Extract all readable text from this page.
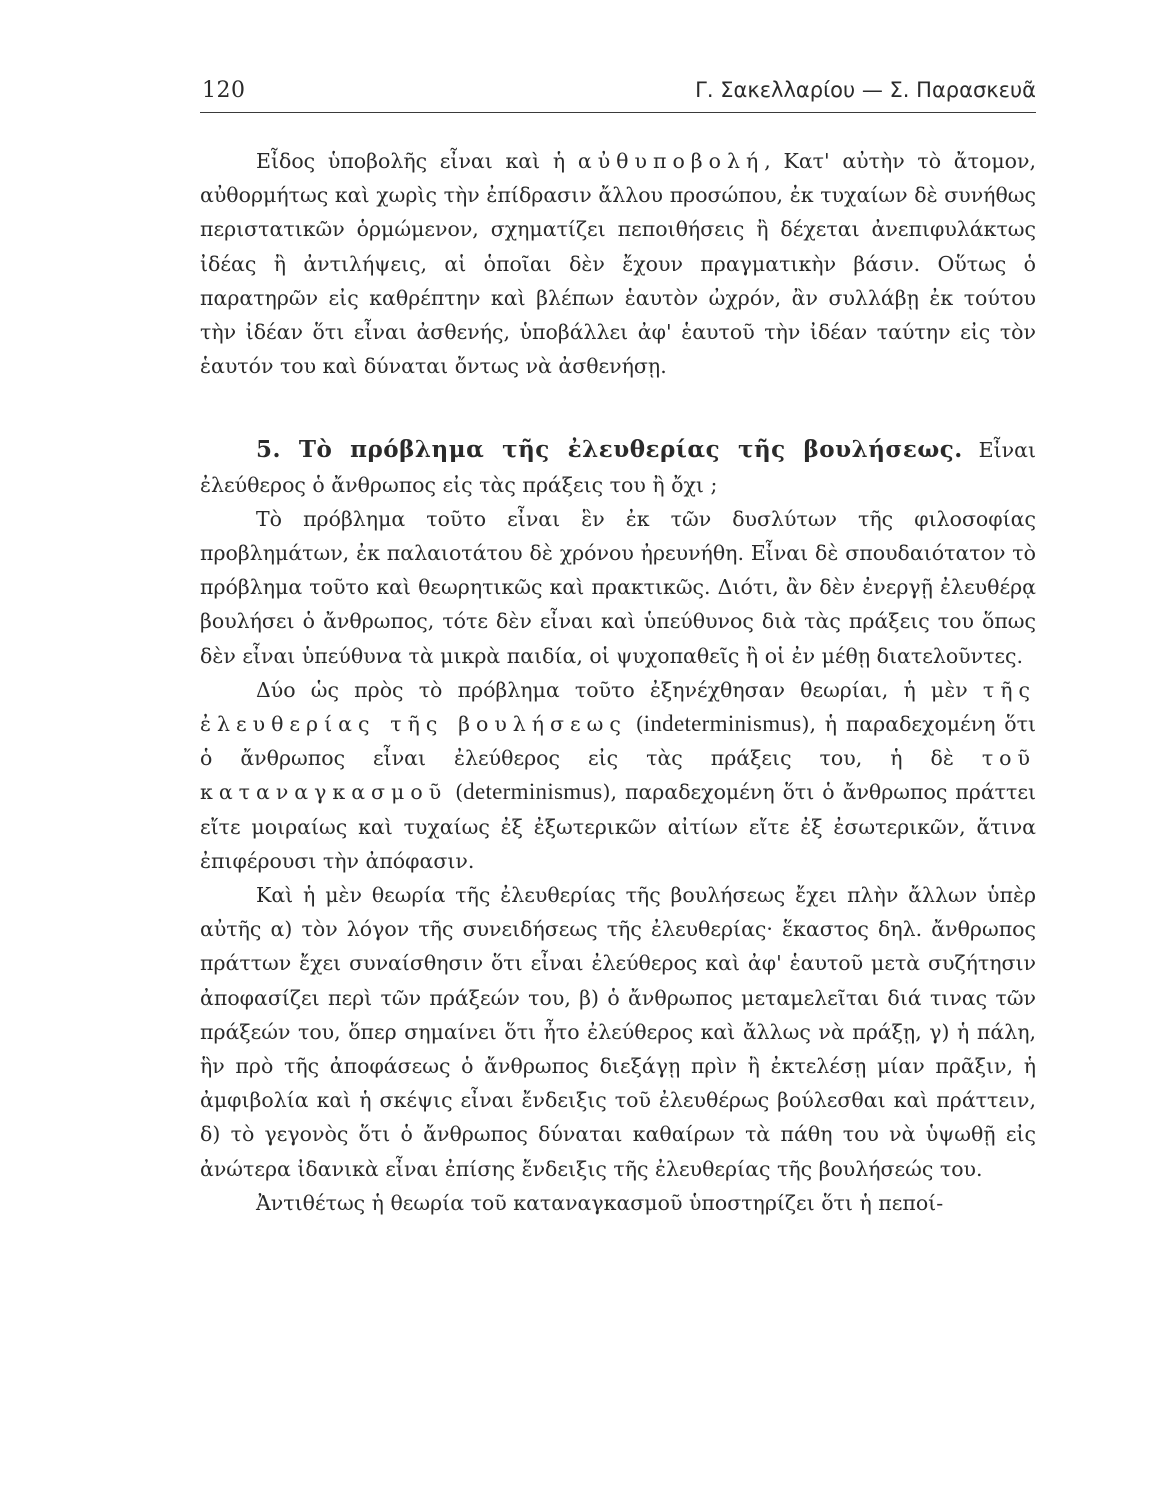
120	Γ. Σακελλαρίου — Σ. Παρασκευᾶ

Εἶδος ὑποβολῆς εἶναι καὶ ἡ αὐθυποβολή, Κατ' αὐτὴν τὸ ἄτομον, αὐθορμήτως καὶ χωρὶς τὴν ἐπίδρασιν ἄλλου προσώπου, ἐκ τυχαίων δὲ συνήθως περιστατικῶν ὁρμώμενον, σχηματίζει πεποιθήσεις ἢ δέχεται ἀνεπιφυλάκτως ἰδέας ἢ ἀντιλήψεις, αἱ ὁποῖαι δὲν ἔχουν πραγματικὴν βάσιν. Οὕτως ὁ παρατηρῶν εἰς καθρέπτην καὶ βλέπων ἑαυτὸν ὠχρόν, ἂν συλλάβῃ ἐκ τούτου τὴν ἰδέαν ὅτι εἶναι ἀσθενής, ὑποβάλλει ἀφ' ἑαυτοῦ τὴν ἰδέαν ταύτην εἰς τὸν ἑαυτόν του καὶ δύναται ὄντως νὰ ἀσθενήσῃ.

5. Τὸ πρόβλημα τῆς ἐλευθερίας τῆς βουλήσεως. Εἶναι ἐλεύθερος ὁ ἄνθρωπος εἰς τὰς πράξεις του ἢ ὄχι ;

Τὸ πρόβλημα τοῦτο εἶναι ἓν ἐκ τῶν δυσλύτων τῆς φιλοσοφίας προβλημάτων, ἐκ παλαιοτάτου δὲ χρόνου ἠρευνήθη. Εἶναι δὲ σπουδαιότατον τὸ πρόβλημα τοῦτο καὶ θεωρητικῶς καὶ πρακτικῶς. Διότι, ἂν δὲν ἐνεργῇ ἐλευθέρᾳ βουλήσει ὁ ἄνθρωπος, τότε δὲν εἶναι καὶ ὑπεύθυνος διὰ τὰς πράξεις του ὅπως δὲν εἶναι ὑπεύθυνα τὰ μικρὰ παιδία, οἱ ψυχοπαθεῖς ἢ οἱ ἐν μέθῃ διατελοῦντες.

Δύο ὡς πρὸς τὸ πρόβλημα τοῦτο ἐξηνέχθησαν θεωρίαι, ἡ μὲν τῆς ἐλευθερίας τῆς βουλήσεως (indeterminismus), ἡ παραδεχομένη ὅτι ὁ ἄνθρωπος εἶναι ἐλεύθερος εἰς τὰς πράξεις του, ἡ δὲ τοῦ καταναγκασμοῦ (determinismus), παραδεχομένη ὅτι ὁ ἄνθρωπος πράττει εἴτε μοιραίως καὶ τυχαίως ἐξ ἐξωτερικῶν αἰτίων εἴτε ἐξ ἐσωτερικῶν, ἅτινα ἐπιφέρουσι τὴν ἀπόφασιν.

Καὶ ἡ μὲν θεωρία τῆς ἐλευθερίας τῆς βουλήσεως ἔχει πλὴν ἄλλων ὑπὲρ αὐτῆς α) τὸν λόγον τῆς συνειδήσεως τῆς ἐλευθερίας· ἕκαστος δηλ. ἄνθρωπος πράττων ἔχει συναίσθησιν ὅτι εἶναι ἐλεύθερος καὶ ἀφ' ἑαυτοῦ μετὰ συζήτησιν ἀποφασίζει περὶ τῶν πράξεών του, β) ὁ ἄνθρωπος μεταμελεῖται διά τινας τῶν πράξεών του, ὅπερ σημαίνει ὅτι ἦτο ἐλεύθερος καὶ ἄλλως νὰ πράξῃ, γ) ἡ πάλη, ἣν πρὸ τῆς ἀποφάσεως ὁ ἄνθρωπος διεξάγῃ πρὶν ἢ ἐκτελέσῃ μίαν πρᾶξιν, ἡ ἀμφιβολία καὶ ἡ σκέψις εἶναι ἔνδειξις τοῦ ἐλευθέρως βούλεσθαι καὶ πράττειν, δ) τὸ γεγονὸς ὅτι ὁ ἄνθρωπος δύναται καθαίρων τὰ πάθη του νὰ ὑψωθῇ εἰς ἀνώτερα ἰδανικὰ εἶναι ἐπίσης ἔνδειξις τῆς ἐλευθερίας τῆς βουλήσεώς του.

Ἀντιθέτως ἡ θεωρία τοῦ καταναγκασμοῦ ὑποστηρίζει ὅτι ἡ πεποί-
